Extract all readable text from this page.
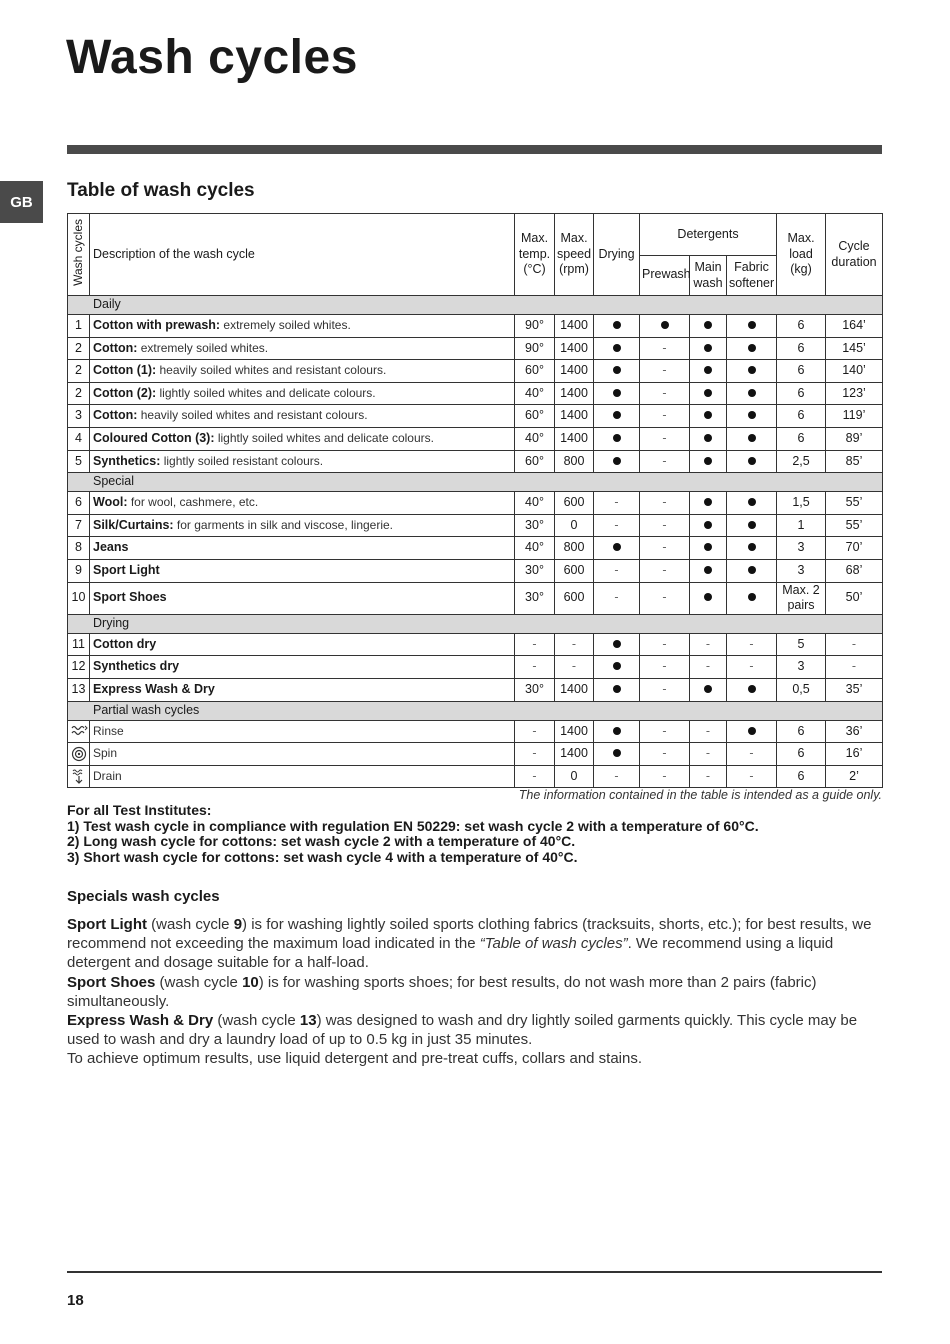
Wash cycles
GB
Table of wash cycles
Wash cycles	Description of the wash cycle	Max. temp. (°C)	Max. speed (rpm)	Drying	Detergents			Max. load (kg)	Cycle duration
					Prewash	Main wash	Fabric softener		
Daily									
1	Cotton with prewash: extremely soiled whites.	90°	1400					6	164’
2	Cotton: extremely soiled whites.	90°	1400		-			6	145’
2	Cotton (1): heavily soiled whites and resistant colours.	60°	1400		-			6	140’
2	Cotton (2): lightly soiled whites and delicate colours.	40°	1400		-			6	123’
3	Cotton: heavily soiled whites and resistant colours.	60°	1400		-			6	119’
4	Coloured Cotton (3): lightly soiled whites and delicate colours.	40°	1400		-			6	89’
5	Synthetics: lightly soiled resistant colours.	60°	800		-			2,5	85’
Special									
6	Wool: for wool, cashmere, etc.	40°	600	-	-			1,5	55’
7	Silk/Curtains: for garments in silk and viscose, lingerie.	30°	0	-	-			1	55’
8	Jeans	40°	800		-			3	70’
9	Sport Light	30°	600	-	-			3	68’
10	Sport Shoes	30°	600	-	-			Max. 2 pairs	50’
Drying									
11	Cotton dry	-	-		-	-	-	5	-
12	Synthetics dry	-	-		-	-	-	3	-
13	Express Wash & Dry	30°	1400		-			0,5	35’
Partial wash cycles									

	Rinse	-	1400		-	-		6	36’

	Spin	-	1400		-	-	-	6	16’

	Drain	-	0	-	-	-	-	6	2’

The information contained in the table is intended as a guide only.

For all Test Institutes:

1) Test wash cycle in compliance with regulation EN 50229: set wash cycle 2 with a temperature of 60°C.

2) Long wash cycle for cottons: set wash cycle 2 with a temperature of 40°C.

3) Short wash cycle for cottons: set wash cycle 4 with a temperature of 40°C.

Specials wash cycles

Sport Light (wash cycle 9) is for washing lightly soiled sports clothing fabrics (tracksuits, shorts, etc.); for best results, we recommend not exceeding the maximum load indicated in the “Table of wash cycles”. We recommend using a liquid detergent and dosage suitable for a half-load.

Sport Shoes (wash cycle 10) is for washing sports shoes; for best results, do not wash more than 2 pairs (fabric) simultaneously.

Express Wash & Dry (wash cycle 13) was designed to wash and dry lightly soiled garments quickly. This cycle may be used to wash and dry a laundry load of up to 0.5 kg in just 35 minutes.

To achieve optimum results, use liquid detergent and pre-treat cuffs, collars and stains.

18
